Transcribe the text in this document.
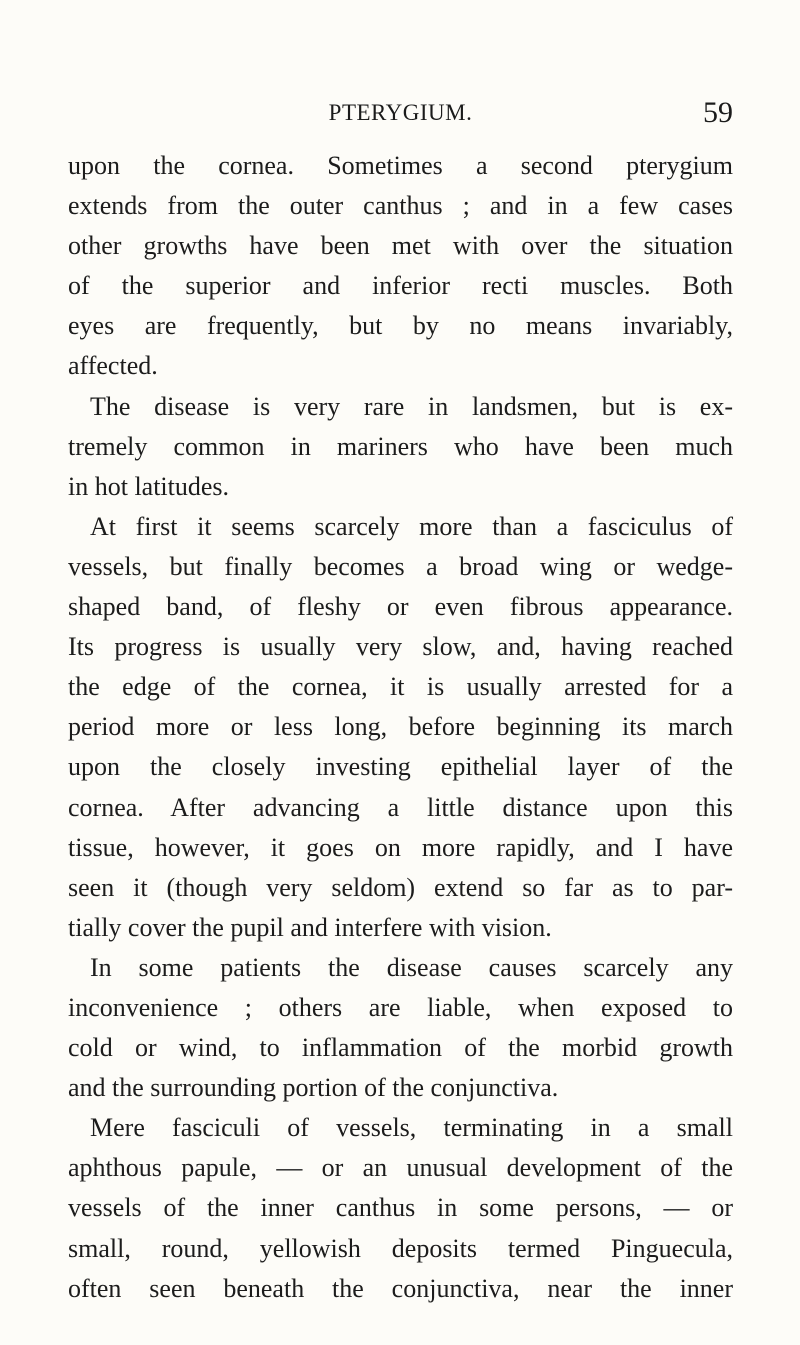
PTERYGIUM.	59
upon the cornea. Sometimes a second pterygium
extends from the outer canthus ; and in a few cases
other growths have been met with over the situation
of the superior and inferior recti muscles. Both
eyes are frequently, but by no means invariably,
affected.
The disease is very rare in landsmen, but is ex-
tremely common in mariners who have been much
in hot latitudes.
At first it seems scarcely more than a fasciculus of
vessels, but finally becomes a broad wing or wedge-
shaped band, of fleshy or even fibrous appearance.
Its progress is usually very slow, and, having reached
the edge of the cornea, it is usually arrested for a
period more or less long, before beginning its march
upon the closely investing epithelial layer of the
cornea. After advancing a little distance upon this
tissue, however, it goes on more rapidly, and I have
seen it (though very seldom) extend so far as to par-
tially cover the pupil and interfere with vision.
In some patients the disease causes scarcely any
inconvenience ; others are liable, when exposed to
cold or wind, to inflammation of the morbid growth
and the surrounding portion of the conjunctiva.
Mere fasciculi of vessels, terminating in a small
aphthous papule, — or an unusual development of the
vessels of the inner canthus in some persons, — or
small, round, yellowish deposits termed Pinguecula,
often seen beneath the conjunctiva, near the inner
